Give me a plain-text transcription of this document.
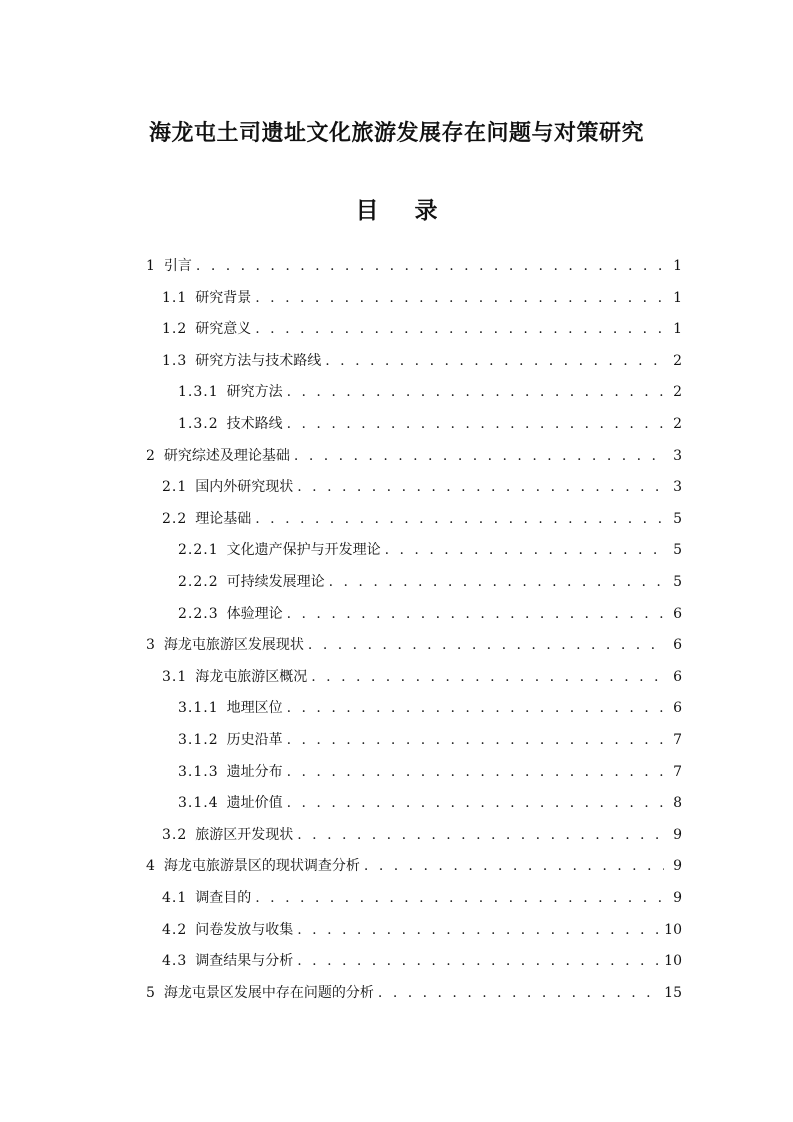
海龙屯土司遗址文化旅游发展存在问题与对策研究
目 录
1 引言 . . .	1
1.1 研究背景 . . .	1
1.2 研究意义 . . .	1
1.3 研究方法与技术路线 . . .	2
1.3.1 研究方法 . . .	2
1.3.2 技术路线 . . .	2
2 研究综述及理论基础 . . .	3
2.1 国内外研究现状 . . .	3
2.2 理论基础 . . .	5
2.2.1 文化遗产保护与开发理论 . . .	5
2.2.2 可持续发展理论 . . .	5
2.2.3 体验理论 . . .	6
3 海龙屯旅游区发展现状 . . .	6
3.1 海龙屯旅游区概况 . . .	6
3.1.1 地理区位 . . .	6
3.1.2 历史沿革 . . .	7
3.1.3 遗址分布 . . .	7
3.1.4 遗址价值 . . .	8
3.2 旅游区开发现状 . . .	9
4 海龙屯旅游景区的现状调查分析 . . .	9
4.1 调查目的 . . .	9
4.2 问卷发放与收集 . . .	10
4.3 调查结果与分析 . . .	10
5 海龙屯景区发展中存在问题的分析 . . .	15
